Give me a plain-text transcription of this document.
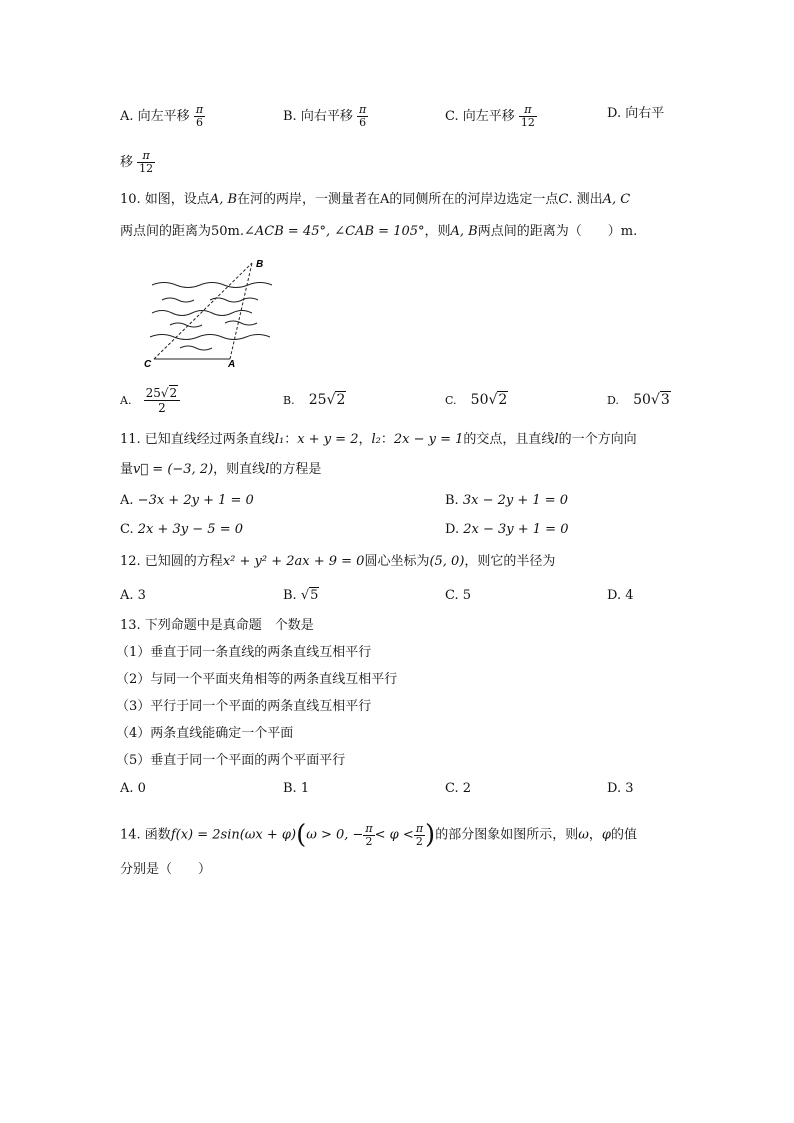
A. 向左平移 $\frac{\pi}{6}$	B. 向右平移 $\frac{\pi}{6}$	C. 向左平移 $\frac{\pi}{12}$	D. 向右平
移 $\frac{\pi}{12}$
10. 如图，设点A, B在河的两岸，一测量者在A的同侧所在的河岸边选定一点C. 测出A, C
两点间的距离为50m.∠ACB = 45°, ∠CAB = 105°，则A, B两点间的距离为（　　）m.
B
C	A
A. $\frac{25√2}{2}$	B. 25√2	C. 50√2	D. 50√3
11. 已知直线经过两条直线l₁：x + y = 2，l₂：2x − y = 1的交点，且直线l的一个方向向
量v⃗ = (−3, 2)，则直线l的方程是
A. −3x + 2y + 1 = 0	B. 3x − 2y + 1 = 0
C. 2x + 3y − 5 = 0	D. 2x − 3y + 1 = 0
12. 已知圆的方程x² + y² + 2ax + 9 = 0圆心坐标为(5, 0)，则它的半径为
A. 3	B. √5	C. 5	D. 4
13. 下列命题中是真命题　个数是
（1）垂直于同一条直线的两条直线互相平行
（2）与同一个平面夹角相等的两条直线互相平行
（3）平行于同一个平面的两条直线互相平行
（4）两条直线能确定一个平面
（5）垂直于同一个平面的两个平面平行
A. 0	B. 1	C. 2	D. 3
14. 函数f(x) = 2sin(ωx + φ)(ω > 0, − $\frac{\pi}{2} < \varphi < \frac{\pi}{2}$ )的部分图象如图所示，则ω，φ的值
分别是（　　）
